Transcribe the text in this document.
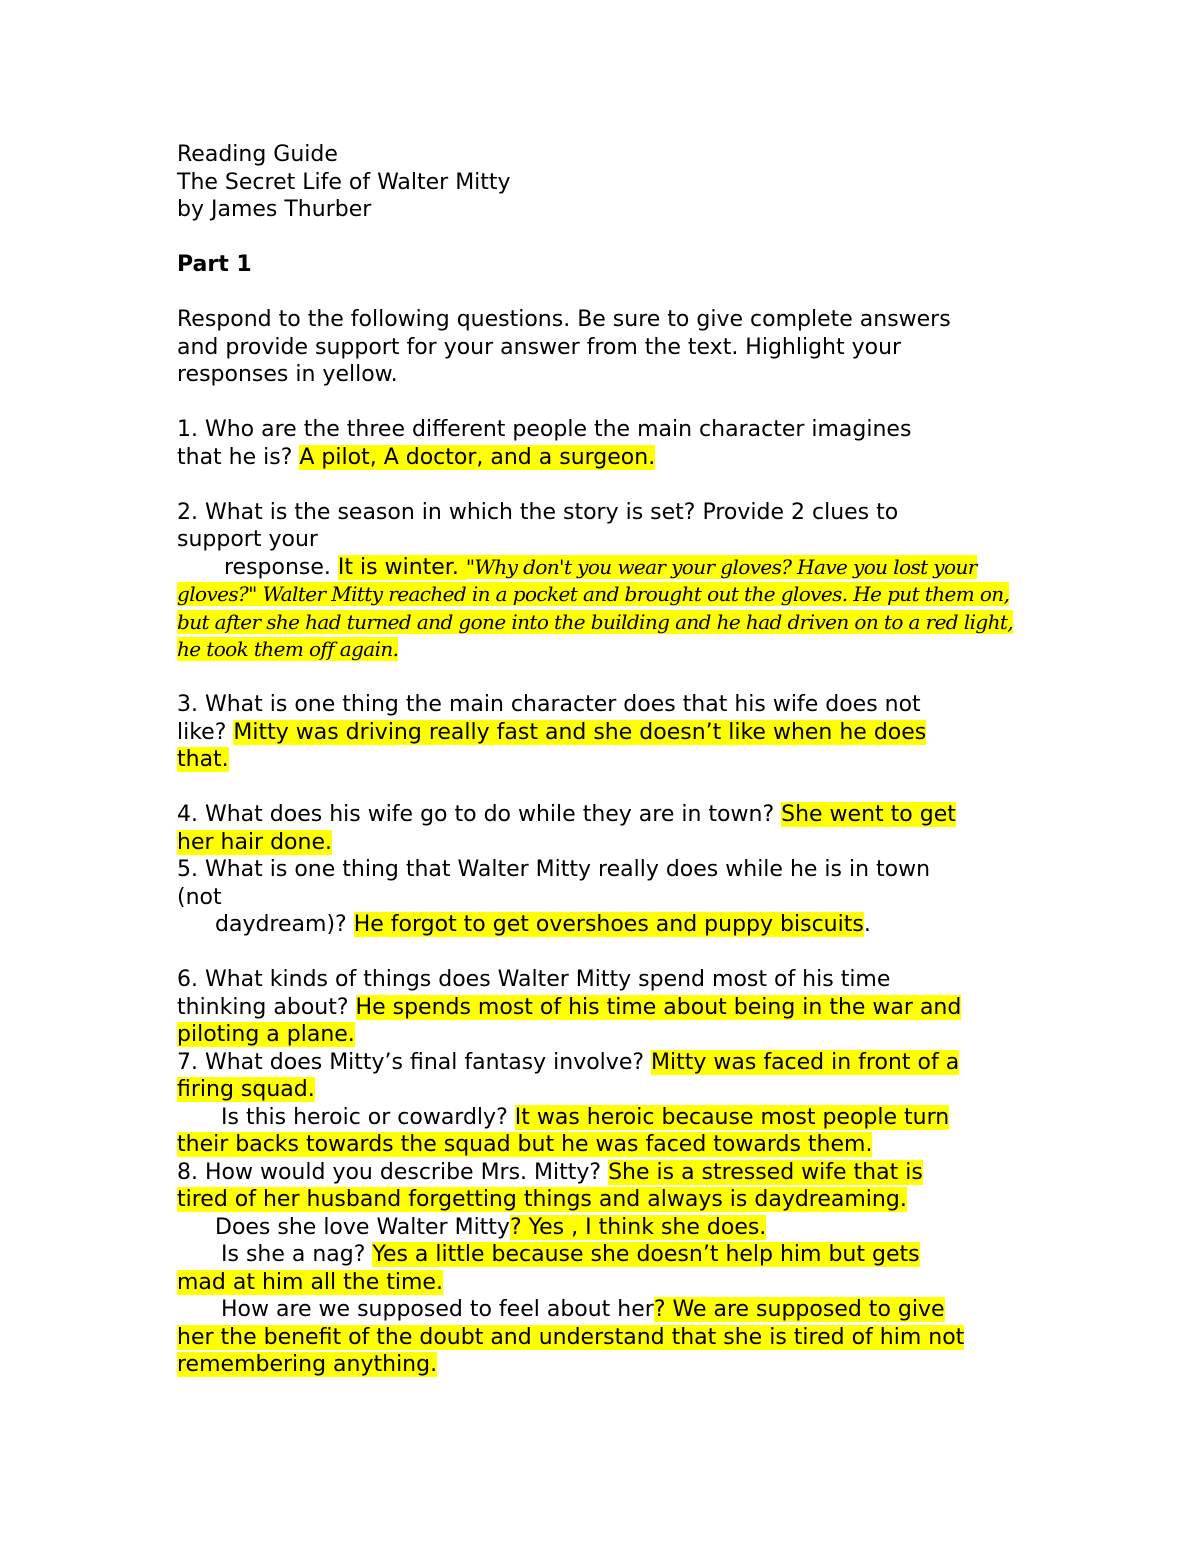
Reading Guide
The Secret Life of Walter Mitty
by James Thurber
Part 1
Respond to the following questions. Be sure to give complete answers
and provide support for your answer from the text. Highlight your
responses in yellow.
1. Who are the three different people the main character imagines
that he is? A pilot, A doctor, and a surgeon.
2. What is the season in which the story is set? Provide 2 clues to
support your
response. It is winter. "Why don't you wear your gloves? Have you lost your
gloves?" Walter Mitty reached in a pocket and brought out the gloves. He put them on,
but after she had turned and gone into the building and he had driven on to a red light,
he took them off again.
3. What is one thing the main character does that his wife does not
like? Mitty was driving really fast and she doesn’t like when he does
that.
4. What does his wife go to do while they are in town? She went to get
her hair done.
5. What is one thing that Walter Mitty really does while he is in town
(not
daydream)? He forgot to get overshoes and puppy biscuits.
6. What kinds of things does Walter Mitty spend most of his time
thinking about? He spends most of his time about being in the war and
piloting a plane.
7. What does Mitty’s final fantasy involve? Mitty was faced in front of a
firing squad.
Is this heroic or cowardly? It was heroic because most people turn
their backs towards the squad but he was faced towards them.
8. How would you describe Mrs. Mitty? She is a stressed wife that is
tired of her husband forgetting things and always is daydreaming.
Does she love Walter Mitty? Yes , I think she does.
Is she a nag? Yes a little because she doesn’t help him but gets
mad at him all the time.
How are we supposed to feel about her? We are supposed to give
her the benefit of the doubt and understand that she is tired of him not
remembering anything.
